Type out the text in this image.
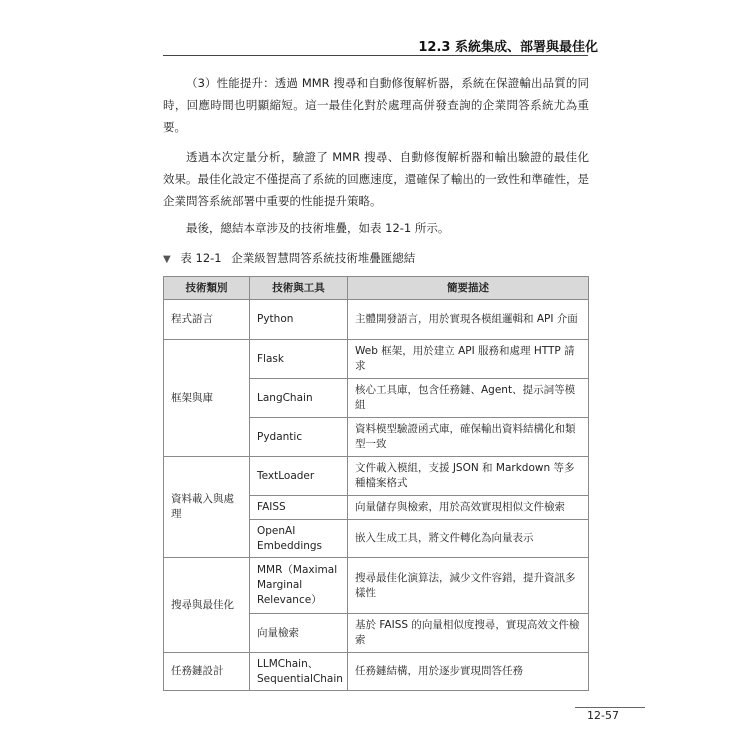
12.3 系統集成、部署與最佳化

（3）性能提升：透過 MMR 搜尋和自動修復解析器，系統在保證輸出品質的同時，回應時間也明顯縮短。這一最佳化對於處理高併發查詢的企業問答系統尤為重要。

透過本次定量分析，驗證了 MMR 搜尋、自動修復解析器和輸出驗證的最佳化效果。最佳化設定不僅提高了系統的回應速度，還確保了輸出的一致性和準確性，是企業問答系統部署中重要的性能提升策略。

最後，總結本章涉及的技術堆疊，如表 12-1 所示。

▼ 表 12-1 企業級智慧問答系統技術堆疊匯總結
技術類別	技術與工具	簡要描述
程式語言	Python	主體開發語言，用於實現各模組邏輯和 API 介面
框架與庫	Flask	Web 框架，用於建立 API 服務和處理 HTTP 請求
	LangChain	核心工具庫，包含任務鏈、Agent、提示詞等模組
	Pydantic	資料模型驗證函式庫，確保輸出資料結構化和類型一致
資料載入與處理	TextLoader	文件載入模組，支援 JSON 和 Markdown 等多種檔案格式
	FAISS	向量儲存與檢索，用於高效實現相似文件檢索
	OpenAI Embeddings	嵌入生成工具，將文件轉化為向量表示
搜尋與最佳化	MMR（Maximal Marginal Relevance）	搜尋最佳化演算法，減少文件容錯，提升資訊多樣性
	向量檢索	基於 FAISS 的向量相似度搜尋，實現高效文件檢索
任務鏈設計	LLMChain、SequentialChain	任務鏈結構，用於逐步實現問答任務
12-57
